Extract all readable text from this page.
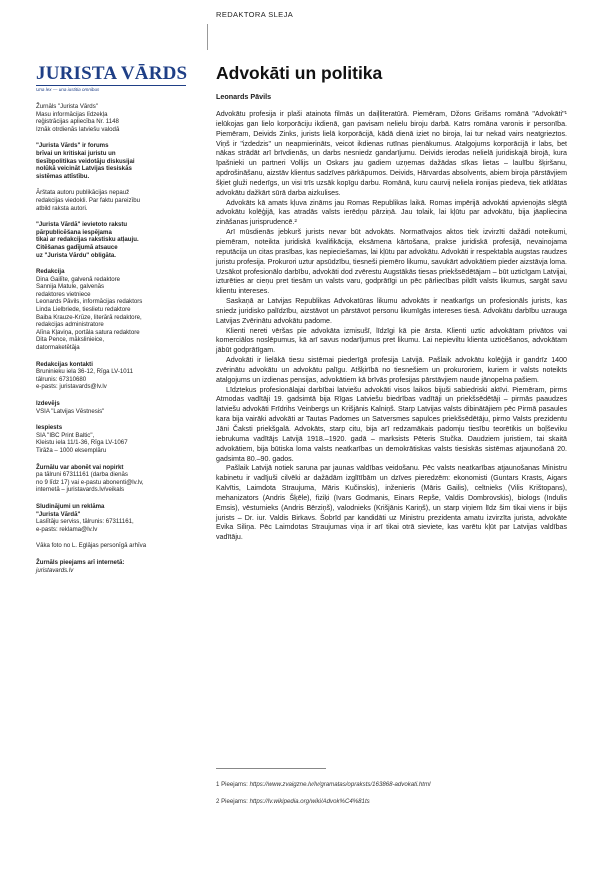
REDAKTORA SLEJA
JURISTA VĀRDS
Una lex — una iustitia omnibus
Žurnāls "Jurista Vārds"
Masu informācijas līdzekļa
reģistrācijas apliecība Nr. 1148
Iznāk otrdienās latviešu valodā
"Jurista Vārds" ir forums
brīvai un kritiskai juristu un
tiesībpolitikas veidotāju diskusijai
nolūkā veicināt Latvijas tiesiskās
sistēmas attīstību.
Ārštata autoru publikācijas nepauž
redakcijas viedokli. Par faktu pareizību
atbild raksta autori.
"Jurista Vārdā" ievietoto rakstu
pārpublicēšana iespējama
tikai ar redakcijas rakstisku atļauju.
Citēšanas gadījumā atsauce
uz "Jurista Vārdu" obligāta.
Redakcija
Dina Gailīte, galvenā redaktore
Sannija Matule, galvenās
redaktores vietniece
Leonards Pāvils, informācijas redaktors
Linda Lielbriede, tieslietu redaktore
Baiba Krauze-Krūze, literārā redaktore,
redakcijas administratore
Alīna Kļaviņa, portāla satura redaktore
Dita Pence, mākslinieice,
datormaketētāja
Redakcijas kontakti
Bruninieku iela 36-12, Rīga LV-1011
tālrunis: 67310680
e-pasts: juristavards@lv.lv
Izdevējs
VSIA "Latvijas Vēstnesis"
Iespiests
SIA "IBC Print Baltic",
Kleistu iela 11/1-36, Rīga LV-1067
Tirāža – 1000 eksemplāru
Žurnālu var abonēt vai nopirkt
pa tālruni 67311161 (darba dienās
no 9 līdz 17) vai e-pastu abonenti@lv.lv,
internetā – juristavards.lv/veikals
Sludinājumi un reklāma
"Jurista Vārdā"
Laslītāju serviss, tālrunis: 67311161,
e-pasts: reklama@lv.lv
Vāka foto no L. Eglājas personīgā arhīva
Žurnāls pieejams arī internetā:
juristavards.lv
Advokāti un politika
Leonards Pāvils

Advokātu profesija ir plaši atainota filmās un daiļliteratūrā. Piemēram, Džons Grišams romānā "Advokāti"¹ ielūkojas gan lielo korporāciju ikdienā, gan pavisam nelielu biroju darbā. Katrs romāna varonis ir personība. Piemēram, Deivids Zinks, jurists lielā korporācijā, kādā dienā iziet no biroja, lai tur nekad vairs neatgrieztos. Viņš ir "izdedzis" un neapmierināts, veicot ikdienas rutīnas pienākumus. Atalgojums korporācijā ir labs, bet nākas strādāt arī brīvdienās, un darbs nesniedz gandarījumu. Deivids ierodas nelielā juridiskajā birojā, kura īpašnieki un partneri Vollijs un Oskars jau gadiem uzņemas dažādas sīkas lietas – laulību šķiršanu, apdrošināšanu, aizstāv klientus sadzīves pārkāpumos. Deivids, Hārvardas absolvents, abiem biroja pārstāvjiem šķiet gluži nederīgs, un visi trīs uzsāk kopīgu darbu. Romānā, kuru caurvij neliela ironijas piedeva, tiek atklātas advokātu dažkārt sūrā darba aizkulises.

Advokāts kā amats kļuva zināms jau Romas Republikas laikā. Romas impērijā advokāti apvienojās slēgtā advokātu kolēģijā, kas atradās valsts ierēdņu pārziņā. Jau tolaik, lai kļūtu par advokātu, bija jāapliecina zināšanas jurisprudencē.²

Arī mūsdienās jebkurš jurists nevar būt advokāts. Normatīvajos aktos tiek izvirzīti dažādi noteikumi, piemēram, noteikta juridiskā kvalifikācija, eksāmena kārtošana, prakse juridiskā profesijā, nevainojama reputācija un citas prasības, kas nepieciešamas, lai kļūtu par advokātu. Advokāti ir respektabla augstas raudzes juristu profesija. Prokurori uztur apsūdzību, tiesneši piemēro likumu, savukārt advokātiem pieder aizstāvja loma. Uzsākot profesionālo darbību, advokāti dod zvērestu Augstākās tiesas priekšsēdētājam – būt uzticīgam Latvijai, izturēties ar cieņu pret tiesām un valsts varu, godprātīgi un pēc pārliecības pildīt valsts likumus, sargāt savu klientu intereses.

Saskaņā ar Latvijas Republikas Advokatūras likumu advokāts ir neatkarīgs un profesionāls jurists, kas sniedz juridisko palīdzību, aizstāvot un pārstāvot personu likumīgās intereses tiesā. Advokātu darbību uzrauga Latvijas Zvērinātu advokātu padome.

Klienti nereti vēršas pie advokāta izmisušī, līdzīgi kā pie ārsta. Klienti uztic advokātam privātos vai komerciālos noslēpumus, kā arī savus nodarījumus pret likumu. Lai nepieviltu klienta uzticēšanos, advokātam jābūt godprātīgam.

Advokāti ir lielākā tiesu sistēmai piederīgā profesija Latvijā. Pašlaik advokātu kolēģijā ir gandrīz 1400 zvērinātu advokātu un advokātu palīgu. Atšķirībā no tiesnešiem un prokuroriem, kuriem ir valsts noteikts atalgojums un izdienas pensijas, advokātiem kā brīvās profesijas pārstāvjiem naude jānopelna pašiem.

Līdztekus profesionālajai darbībai latviešu advokāti visos laikos bijuši sabiedriski aktīvi. Piemēram, pirms Atmodas vadītāji 19. gadsimtā bija Rīgas Latviešu biedrības vadītāji un priekšsēdētāji – pirmās paaudzes latviešu advokāti Frīdrihs Veinbergs un Krišjānis Kalniņš. Starp Latvijas valsts dibinātājiem pēc Pirmā pasaules kara bija vairāki advokāti ar Tautas Padomes un Satversmes sapulces priekšsēdētāju, pirmo Valsts prezidentu Jāni Čaksti priekšgalā. Advokāts, starp citu, bija arī redzamākais padomju tiesību teorētikis un boļševiku iebrukuma vadītājs Latvijā 1918.–1920. gadā – marksists Pēteris Stučka. Daudziem juristiem, tai skaitā advokātiem, bija būtiska loma valsts neatkarības un demokrātiskas valsts tiesiskās sistēmas atjaunošanā 20. gadsimta 80.–90. gados.

Pašlaik Latvijā notiek saruna par jaunas valdības veidošanu. Pēc valsts neatkarības atjaunošanas Ministru kabinetu ir vadījuši cilvēki ar dažādām izglītībām un dzīves pieredzēm: ekonomisti (Guntars Krasts, Aigars Kalvītis, Laimdota Straujuma, Māris Kučinskis), inženieris (Māris Gailis), celtnieks (Vilis Krištopans), mehanizators (Andris Šķēle), fiziķi (Ivars Godmanis, Einars Repše, Valdis Dombrovskis), biologs (Indulis Emsis), vēsturnieks (Andris Bērziņš), valodnieks (Krišjānis Kariņš), un starp viņiem līdz šim tikai viens ir bijis jurists – Dr. iur. Valdis Birkavs. Šobrīd par kandidāti uz Ministru prezidenta amatu izvirzīta jurista, advokāte Evika Siliņa. Pēc Laimdotas Straujumas viņa ir arī tikai otrā sieviete, kas varētu kļūt par Latvijas valdības vadītāju.

1 Pieejams: https://www.zvaigzne.lv/lv/gramatas/opraksts/163868-advokati.html
2 Pieejams: https://lv.wikipedia.org/wiki/Advok%C4%81ts
